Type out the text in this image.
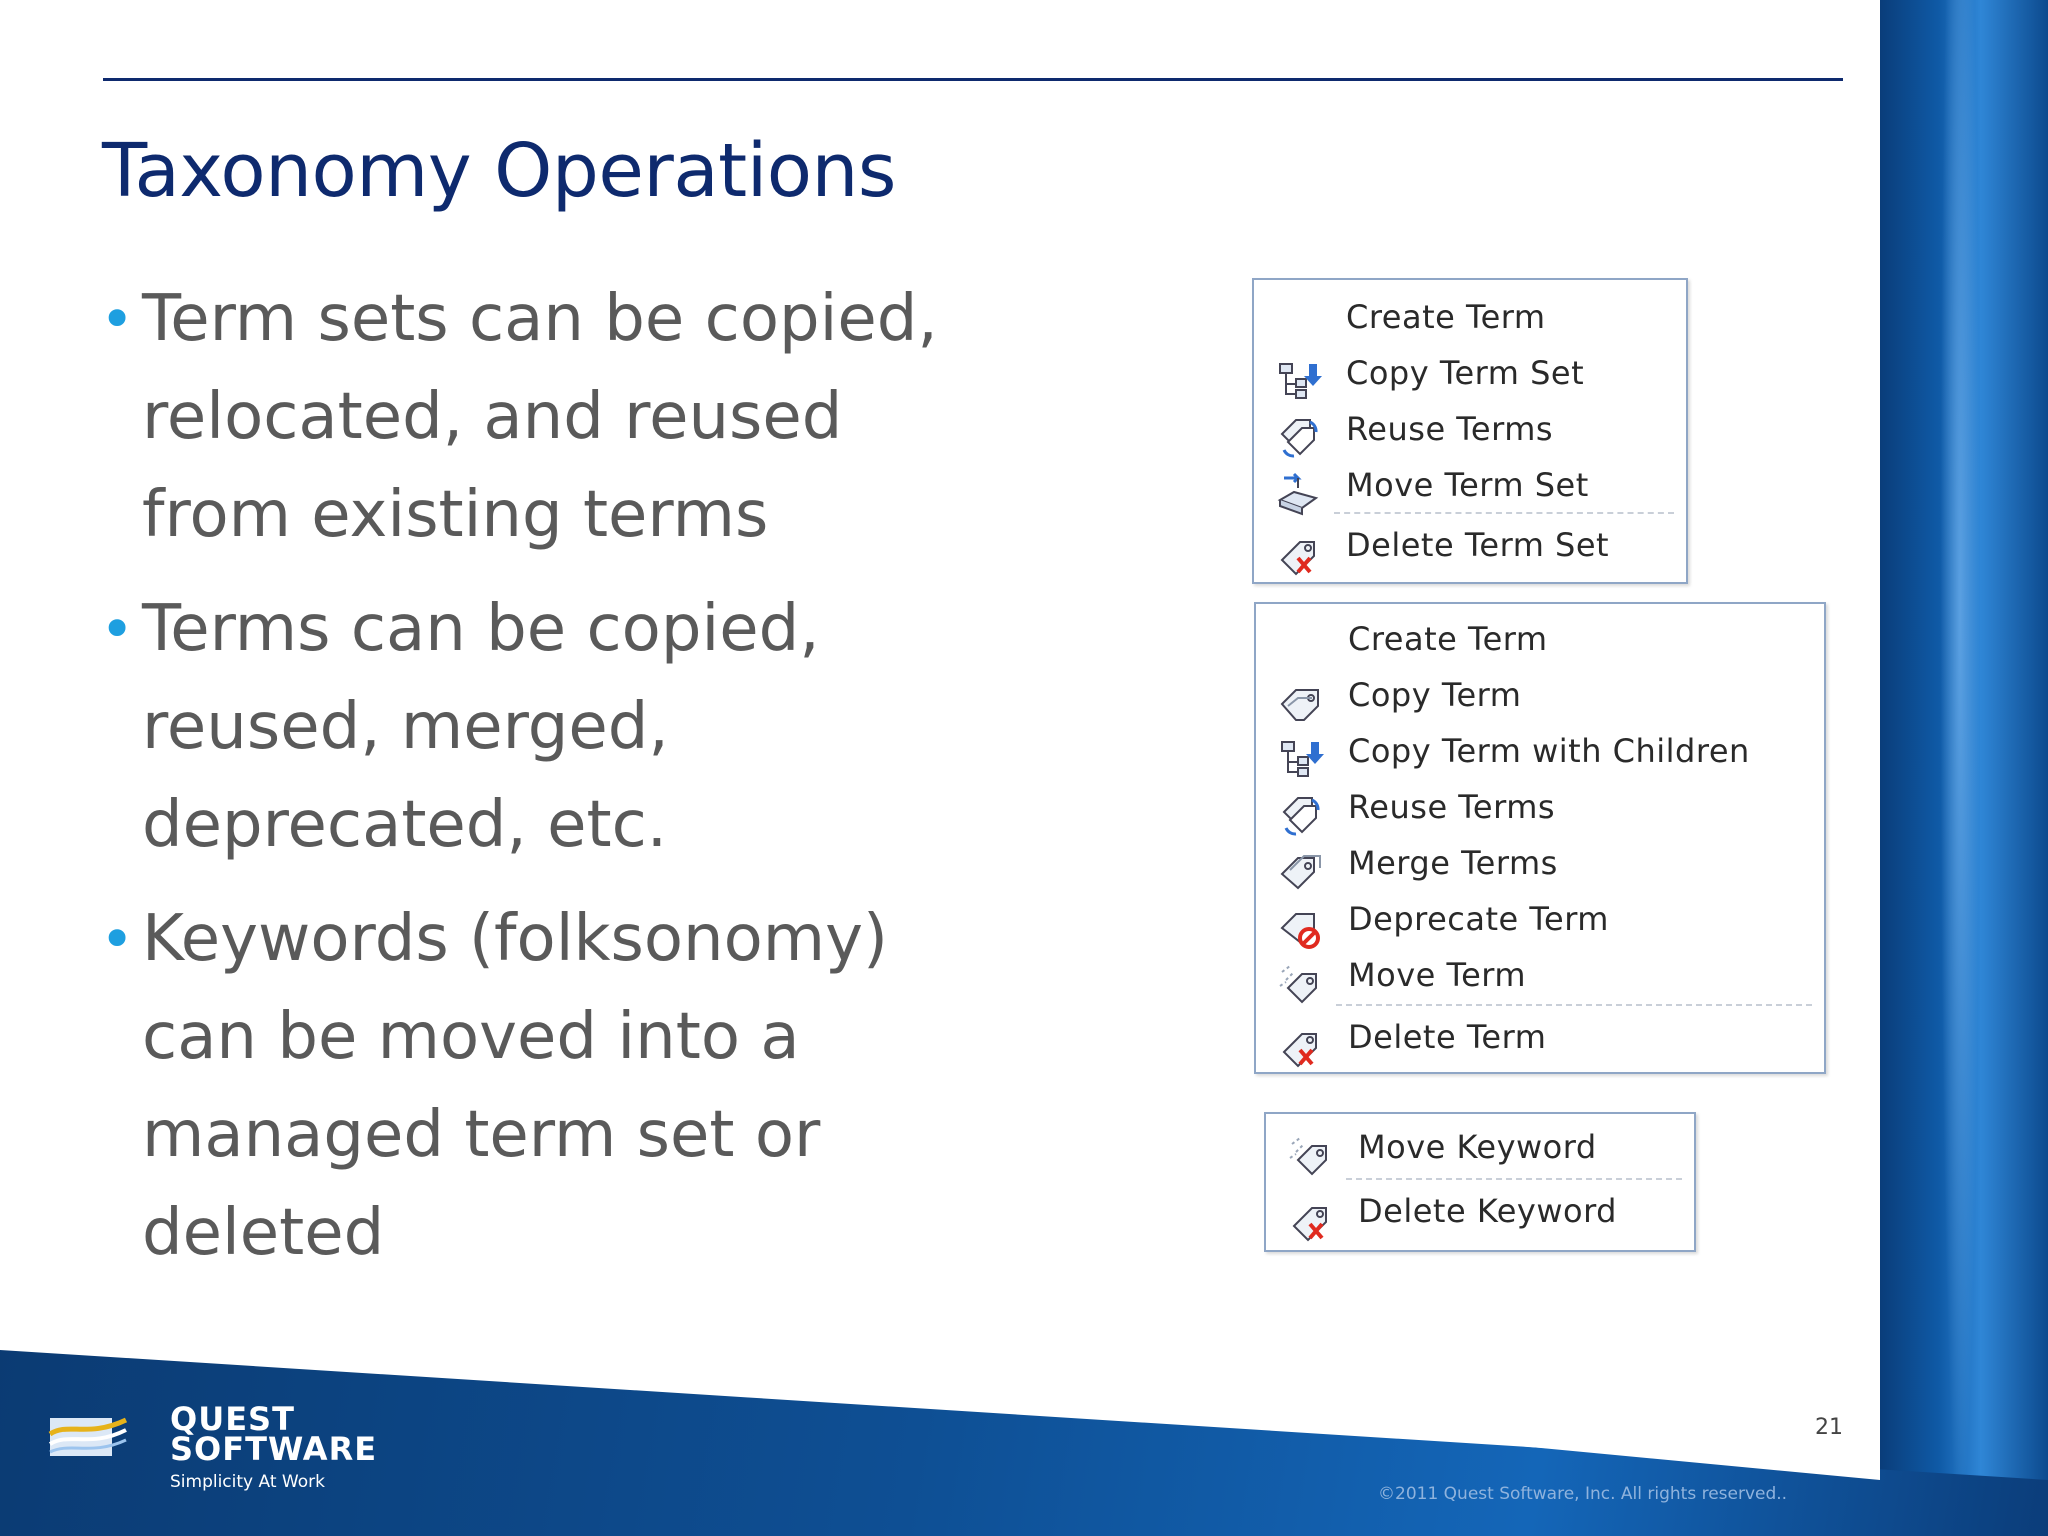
Taxonomy Operations
• Term sets can be copied,
relocated, and reused
from existing terms
• Terms can be copied,
reused, merged,
deprecated, etc.
• Keywords (folksonomy)
can be moved into a
managed term set or
deleted
Create Term
Copy Term Set
Reuse Terms
Move Term Set
Delete Term Set
Create Term
Copy Term
Copy Term with Children
Reuse Terms
Merge Terms
Deprecate Term
Move Term
Delete Term
Move Keyword
Delete Keyword
21
©2011 Quest Software, Inc. All rights reserved..
QUEST
SOFTWARE
Simplicity At Work
